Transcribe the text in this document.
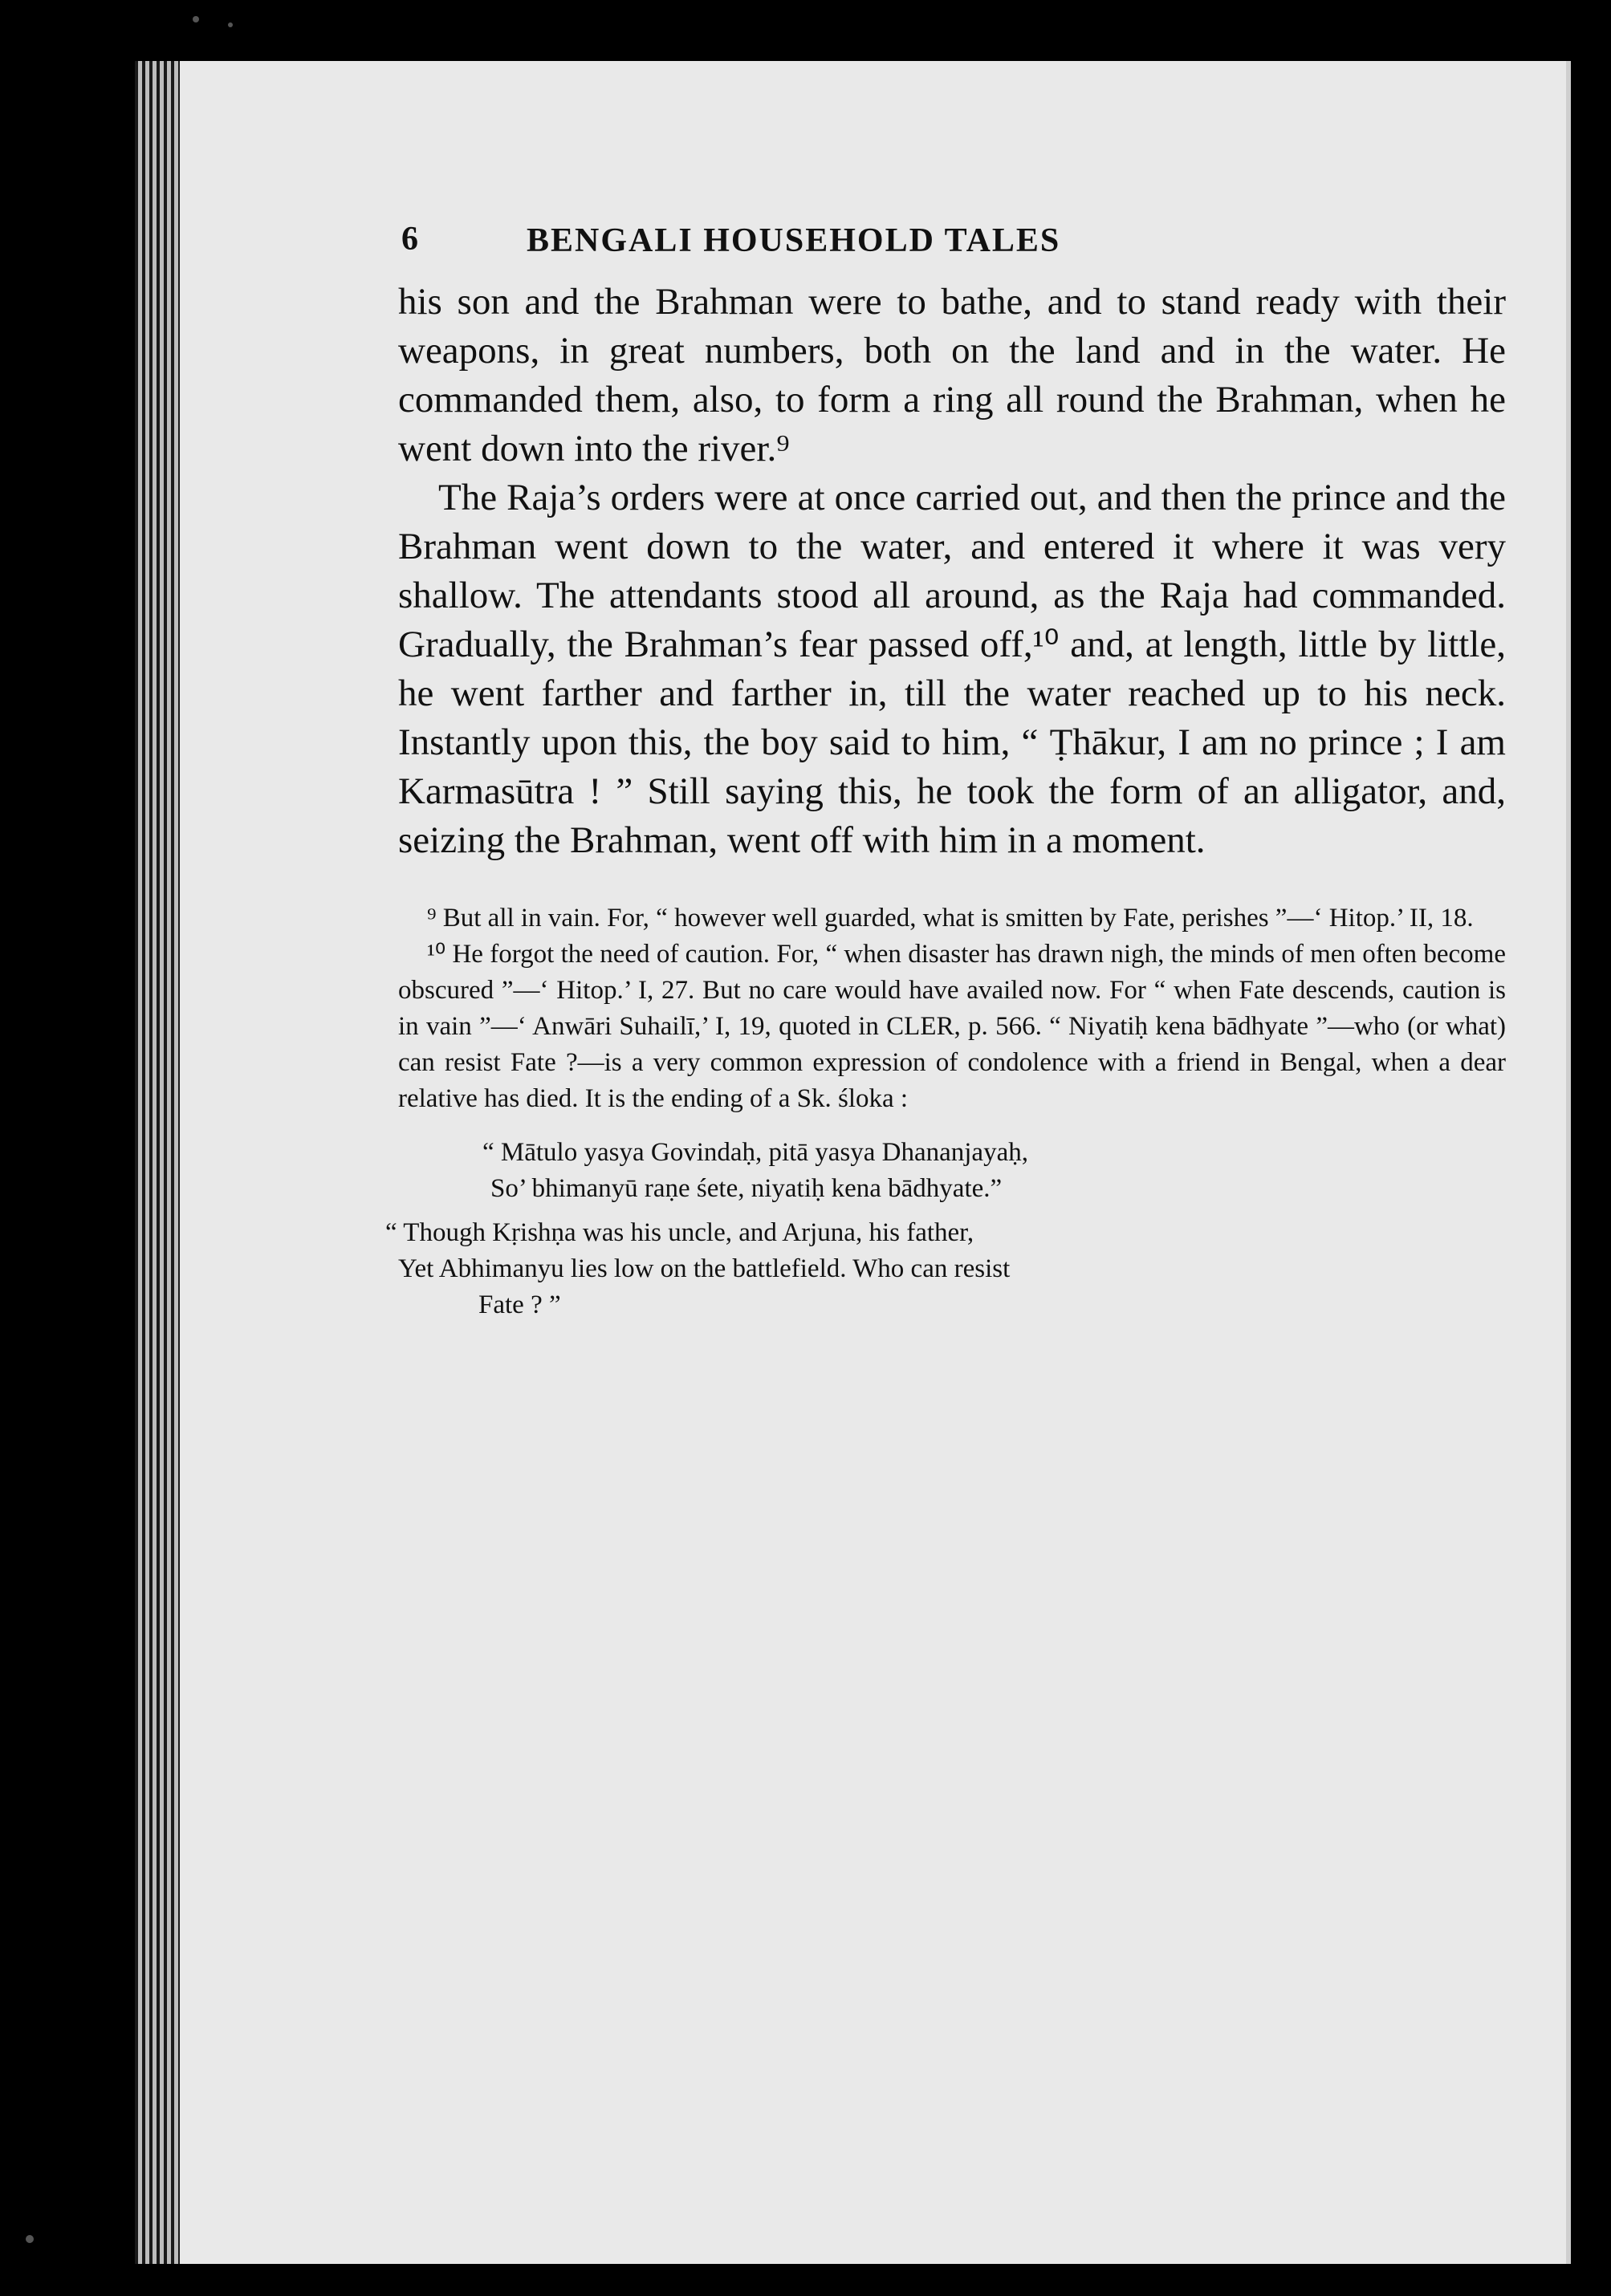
6	BENGALI HOUSEHOLD TALES

his son and the Brahman were to bathe, and to stand ready with their weapons, in great numbers, both on the land and in the water. He commanded them, also, to form a ring all round the Brahman, when he went down into the river.⁹

The Raja’s orders were at once carried out, and then the prince and the Brahman went down to the water, and entered it where it was very shallow. The attendants stood all around, as the Raja had commanded. Gradually, the Brahman’s fear passed off,¹⁰ and, at length, little by little, he went farther and farther in, till the water reached up to his neck. Instantly upon this, the boy said to him, “ Ṭhākur, I am no prince ; I am Karmasūtra ! ” Still saying this, he took the form of an alligator, and, seizing the Brahman, went off with him in a moment.

⁹ But all in vain. For, “ however well guarded, what is smitten by Fate, perishes ”—‘ Hitop.’ II, 18.

¹⁰ He forgot the need of caution. For, “ when disaster has drawn nigh, the minds of men often become obscured ”—‘ Hitop.’ I, 27. But no care would have availed now. For “ when Fate descends, caution is in vain ”—‘ Anwāri Suhailī,’ I, 19, quoted in CLER, p. 566. “ Niyatiḥ kena bādhyate ”—who (or what) can resist Fate ?—is a very common expression of condolence with a friend in Bengal, when a dear relative has died. It is the ending of a Sk. śloka :

“ Mātulo yasya Govindaḥ, pitā yasya Dhananjayaḥ,
So’ bhimanyū raṇe śete, niyatiḥ kena bādhyate.”
“ Though Kṛishṇa was his uncle, and Arjuna, his father,
Yet Abhimanyu lies low on the battlefield. Who can resist
Fate ? ”
